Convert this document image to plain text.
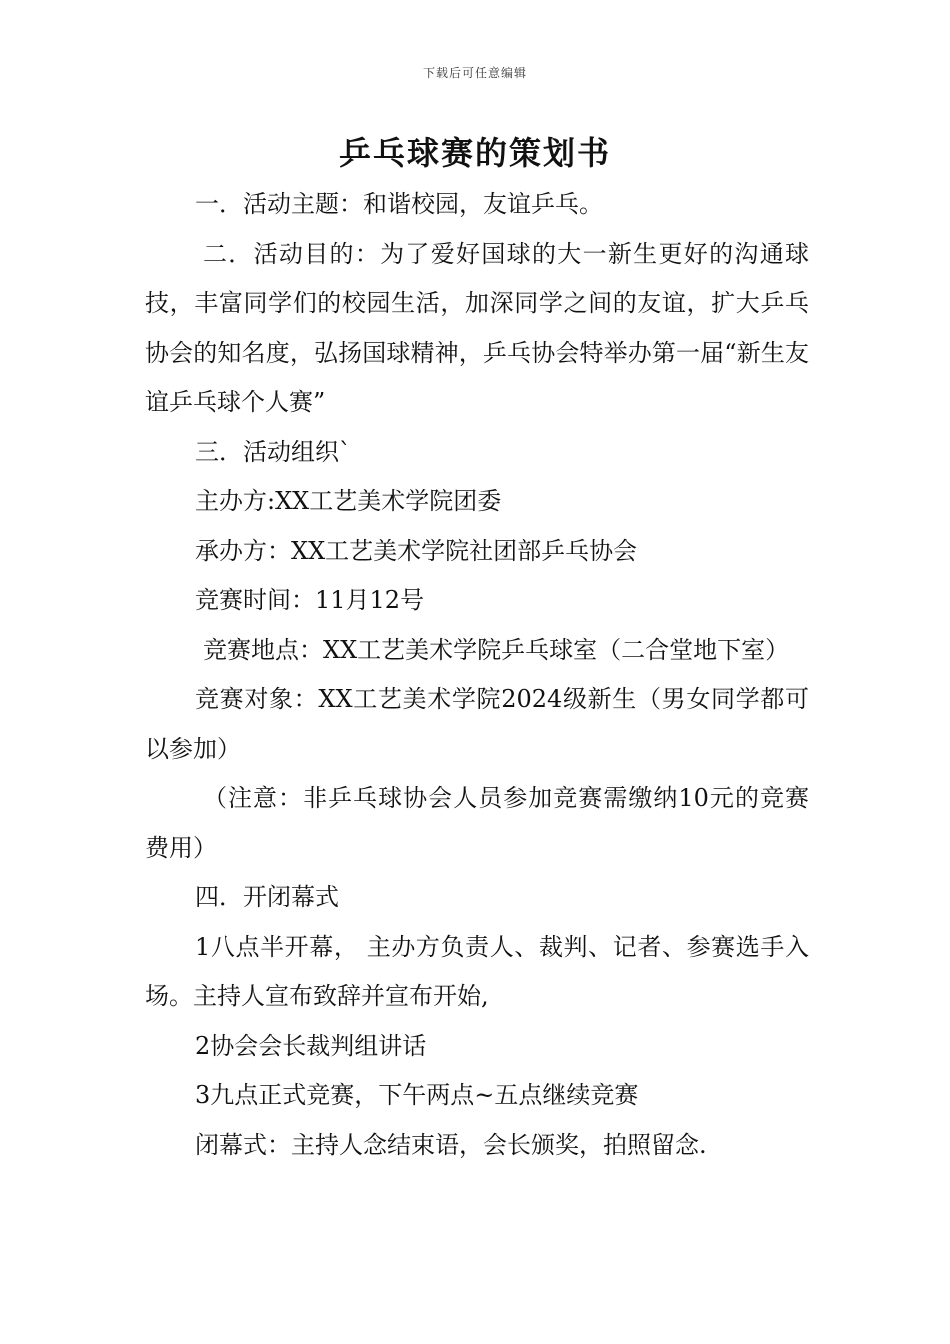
下载后可任意编辑
乒乓球赛的策划书

一．活动主题：和谐校园，友谊乒乓。

二．活动目的：为了爱好国球的大一新生更好的沟通球技，丰富同学们的校园生活，加深同学之间的友谊，扩大乒乓协会的知名度，弘扬国球精神，乒乓协会特举办第一届“新生友谊乒乓球个人赛”

三．活动组织`

主办方:XX工艺美术学院团委

承办方：XX工艺美术学院社团部乒乓协会

竞赛时间：11月12号

竞赛地点：XX工艺美术学院乒乓球室（二合堂地下室）

竞赛对象：XX工艺美术学院2024级新生（男女同学都可以参加）

（注意：非乒乓球协会人员参加竞赛需缴纳10元的竞赛费用）

四．开闭幕式

1八点半开幕， 主办方负责人、裁判、记者、参赛选手入场。主持人宣布致辞并宣布开始,

2协会会长裁判组讲话

3九点正式竞赛，下午两点~五点继续竞赛

闭幕式：主持人念结束语，会长颁奖，拍照留念.
